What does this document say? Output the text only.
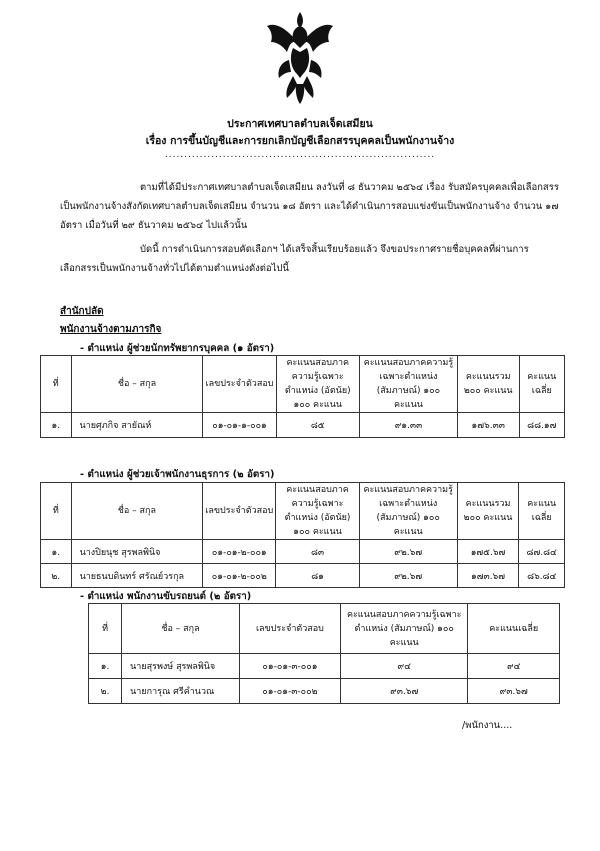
ประกาศเทศบาลตำบลเจ็ดเสมียน
เรื่อง การขึ้นบัญชีและการยกเลิกบัญชีเลือกสรรบุคคลเป็นพนักงานจ้าง
......................................................................
ตามที่ได้มีประกาศเทศบาลตำบลเจ็ดเสมียน ลงวันที่ ๘ ธันวาคม ๒๕๖๔ เรื่อง รับสมัครบุคคลเพื่อเลือกสรรเป็นพนักงานจ้างสังกัดเทศบาลตำบลเจ็ดเสมียน จำนวน ๑๘ อัตรา และได้ดำเนินการสอบแข่งขันเป็นพนักงานจ้าง จำนวน ๑๗ อัตรา เมื่อวันที่ ๒๙ ธันวาคม ๒๕๖๔ ไปแล้วนั้น
บัดนี้ การดำเนินการสอบคัดเลือกฯ ได้เสร็จสิ้นเรียบร้อยแล้ว จึงขอประกาศรายชื่อบุคคลที่ผ่านการเลือกสรรเป็นพนักงานจ้างทั่วไปได้ตามตำแหน่งดังต่อไปนี้
สำนักปลัด
พนักงานจ้างตามภารกิจ
- ตำแหน่ง ผู้ช่วยนักทรัพยากรบุคคล (๑ อัตรา)
ที่	ชื่อ – สกุล	เลขประจำตัวสอบ	คะแนนสอบภาคความรู้เฉพาะตำแหน่ง (อัตนัย) ๑๐๐ คะแนน	คะแนนสอบภาคความรู้เฉพาะตำแหน่ง (สัมภาษณ์) ๑๐๐ คะแนน	คะแนนรวม ๒๐๐ คะแนน	คะแนนเฉลี่ย
๑.	นายศุภกิจ สายัณห์	๐๑-๐๑-๑-๐๐๑	๘๕	๙๑.๓๓	๑๗๖.๓๓	๘๘.๑๗
- ตำแหน่ง ผู้ช่วยเจ้าพนักงานธุรการ (๒ อัตรา)
ที่	ชื่อ – สกุล	เลขประจำตัวสอบ	คะแนนสอบภาคความรู้เฉพาะตำแหน่ง (อัตนัย) ๑๐๐ คะแนน	คะแนนสอบภาคความรู้เฉพาะตำแหน่ง (สัมภาษณ์) ๑๐๐ คะแนน	คะแนนรวม ๒๐๐ คะแนน	คะแนนเฉลี่ย
๑.	นางปิยนุช สุรพลพินิจ	๐๑-๐๑-๒-๐๐๑	๘๓	๙๒.๖๗	๑๗๕.๖๗	๘๗.๘๔
๒.	นายธนบดินทร์ ศรัณย์วรกุล	๐๑-๐๑-๒-๐๐๒	๘๑	๙๒.๖๗	๑๗๓.๖๗	๘๖.๘๔
- ตำแหน่ง พนักงานขับรถยนต์ (๒ อัตรา)
ที่	ชื่อ – สกุล	เลขประจำตัวสอบ	คะแนนสอบภาคความรู้เฉพาะตำแหน่ง (สัมภาษณ์) ๑๐๐ คะแนน	คะแนนเฉลี่ย
๑.	นายสุรพงษ์ สุรพลพินิจ	๐๑-๐๑-๓-๐๐๑	๙๔	๙๔
๒.	นายการุณ ศรีคำนวณ	๐๑-๐๑-๓-๐๐๒	๙๓.๖๗	๙๓.๖๗
/พนักงาน....
